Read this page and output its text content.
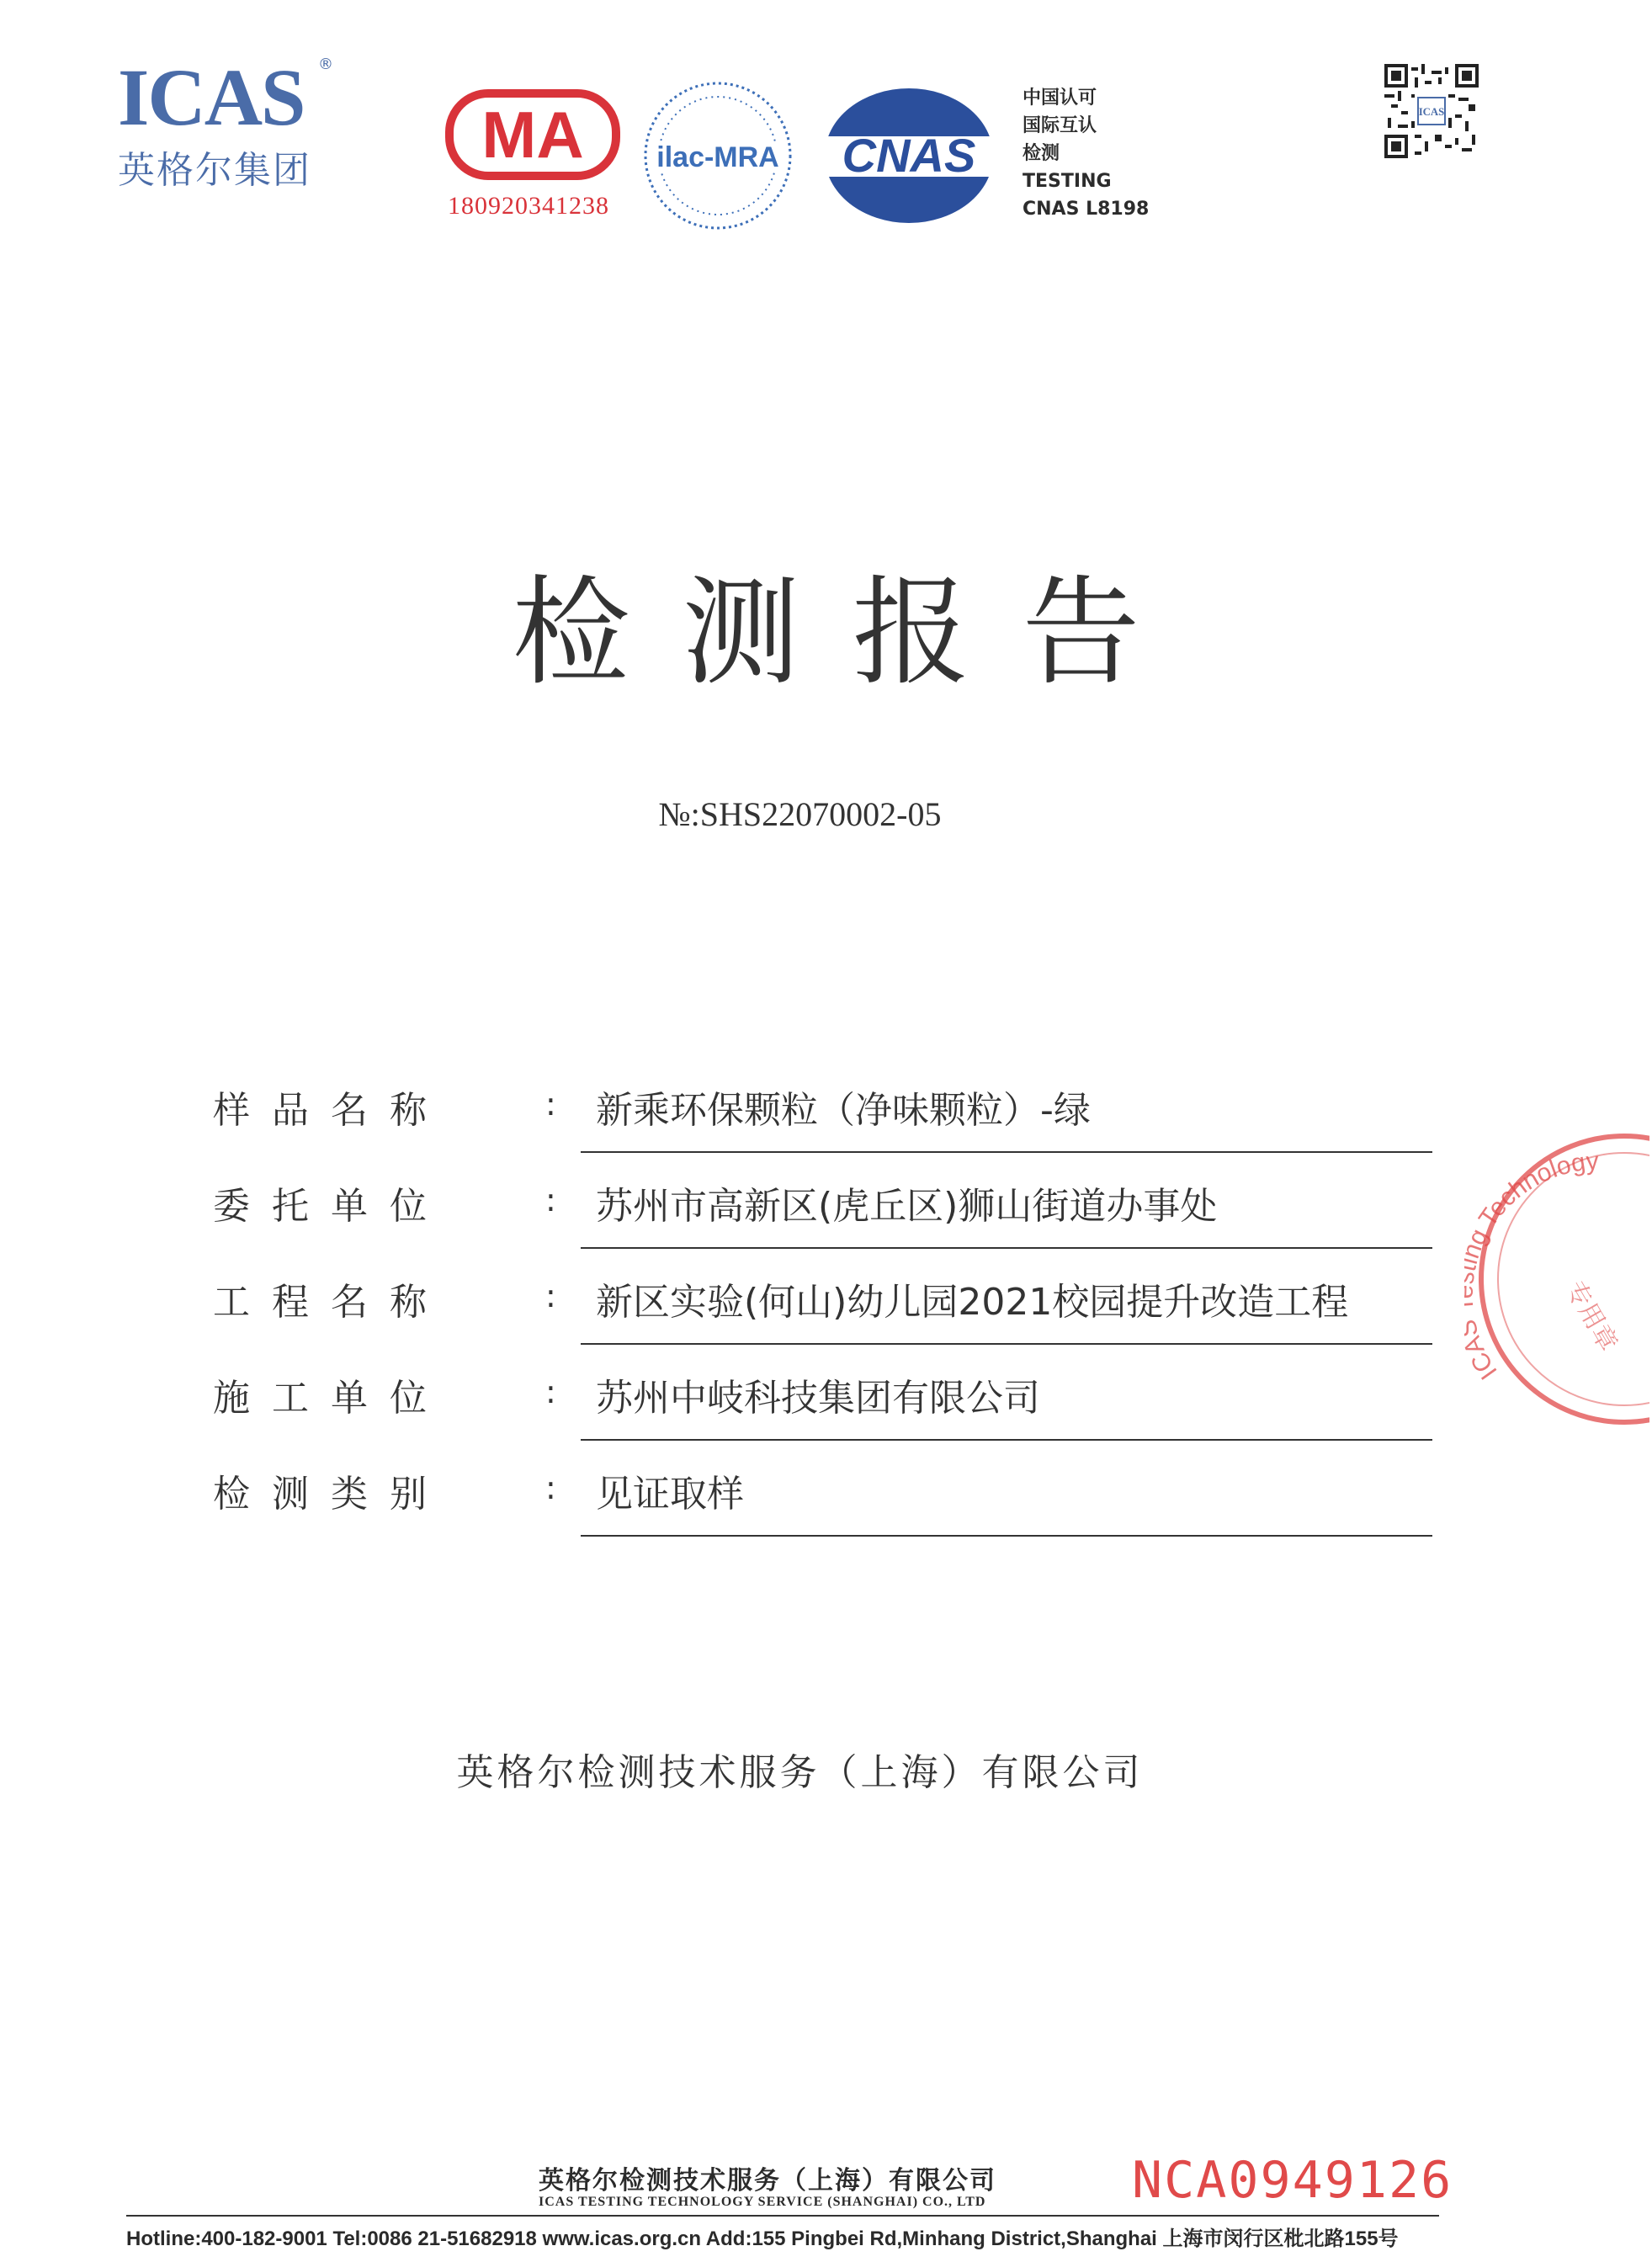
ICAS ®
英格尔集团	MA
180920341238
ilac-MRA CNAS
中国认可
国际互认
检测
TESTING
CNAS L8198
ICAS
检测报告
№:SHS22070002-05
样品名称	: 新乘环保颗粒（净味颗粒）-绿
委托单位	: 苏州市高新区(虎丘区)狮山街道办事处
工程名称	: 新区实验(何山)幼儿园2021校园提升改造工程
施工单位	: 苏州中岐科技集团有限公司
检测类别	: 见证取样
IC g Technology
专用章
英格尔检测技术服务（上海）有限公司
英格尔检测技术服务（上海）有限公司
ICAS TESTING TECHNOLOGY SERVICE (SHANGHAI) CO., LTD	NCA0949126
Hotline:400-182-9001 Tel:0086 21-51682918 www.icas.org.cn Add:155 Pingbei Rd,Minhang District,Shanghai 上海市闵行区枇北路155号
